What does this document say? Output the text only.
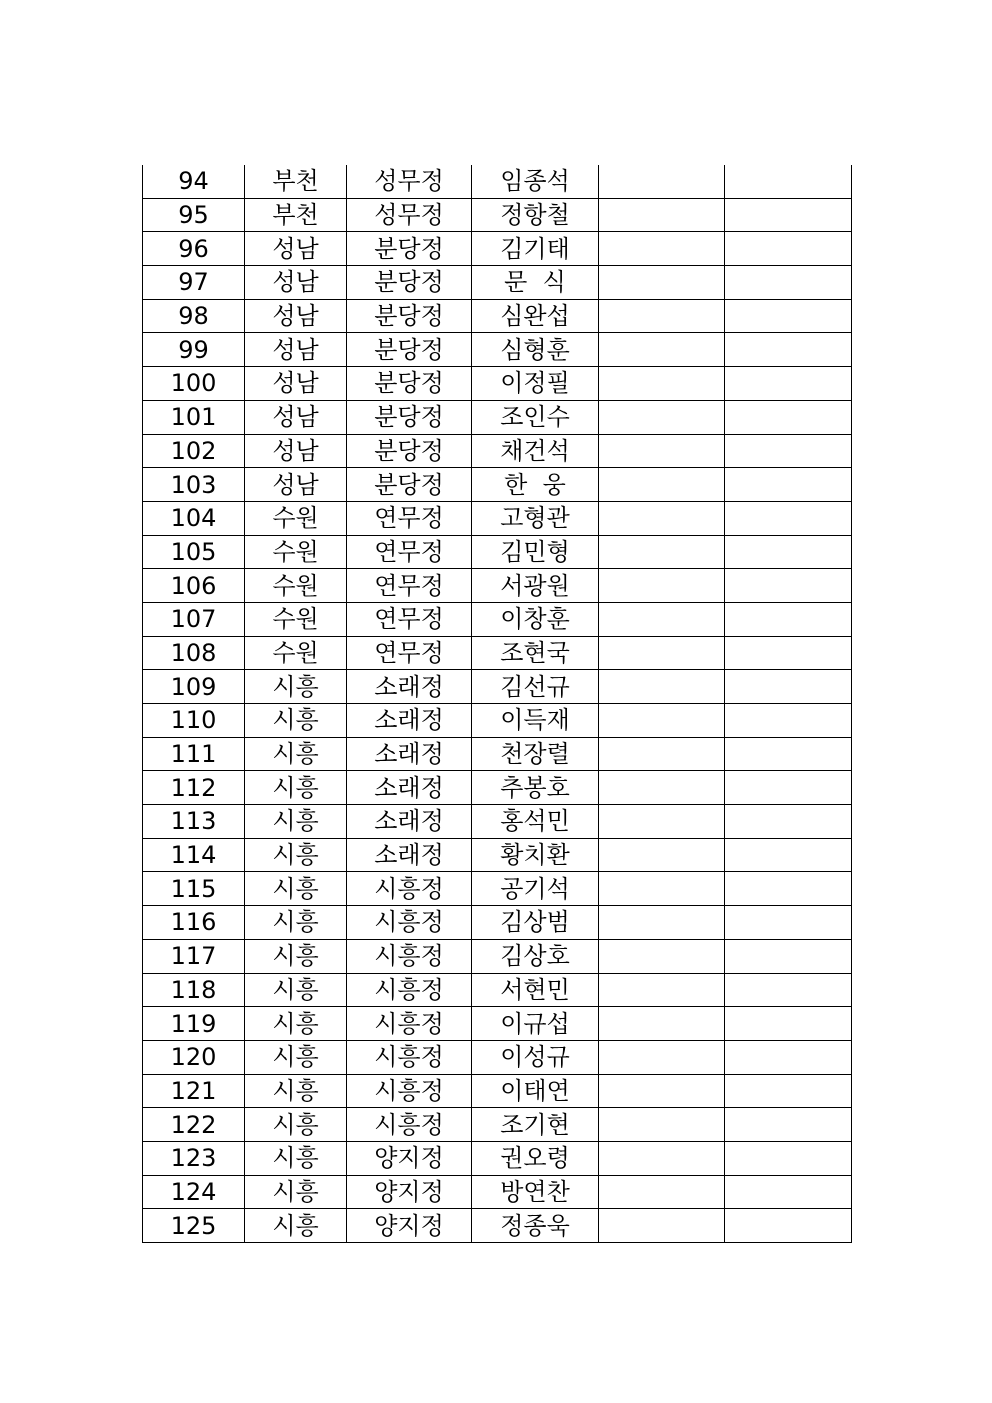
94	부천	성무정	임종석		
95	부천	성무정	정항철		
96	성남	분당정	김기태		
97	성남	분당정	문  식		
98	성남	분당정	심완섭		
99	성남	분당정	심형훈		
100	성남	분당정	이정필		
101	성남	분당정	조인수		
102	성남	분당정	채건석		
103	성남	분당정	한  웅		
104	수원	연무정	고형관		
105	수원	연무정	김민형		
106	수원	연무정	서광원		
107	수원	연무정	이창훈		
108	수원	연무정	조현국		
109	시흥	소래정	김선규		
110	시흥	소래정	이득재		
111	시흥	소래정	천장렬		
112	시흥	소래정	추봉호		
113	시흥	소래정	홍석민		
114	시흥	소래정	황치환		
115	시흥	시흥정	공기석		
116	시흥	시흥정	김상범		
117	시흥	시흥정	김상호		
118	시흥	시흥정	서현민		
119	시흥	시흥정	이규섭		
120	시흥	시흥정	이성규		
121	시흥	시흥정	이태연		
122	시흥	시흥정	조기현		
123	시흥	양지정	권오령		
124	시흥	양지정	방연찬		
125	시흥	양지정	정종욱		
